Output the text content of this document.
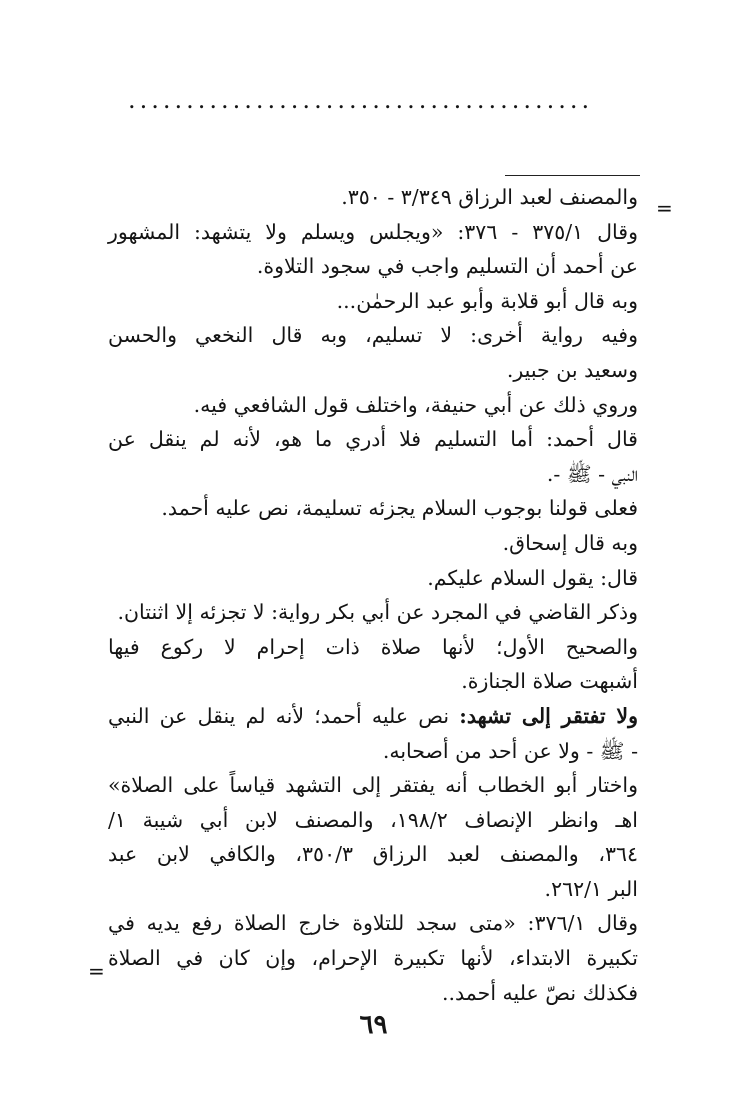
........................................
=
والمصنف لعبد الرزاق ٣/٣٤٩ - ٣٥٠.
وقال ٣٧٥/١ - ٣٧٦: «ويجلس ويسلم ولا يتشهد: المشهور
عن أحمد أن التسليم واجب في سجود التلاوة.
وبه قال أبو قلابة وأبو عبد الرحمٰن...
وفيه رواية أخرى: لا تسليم، وبه قال النخعي والحسن
وسعيد بن جبير.
وروي ذلك عن أبي حنيفة، واختلف قول الشافعي فيه.
قال أحمد: أما التسليم فلا أدري ما هو، لأنه لم ينقل عن
النبي - ﷺ -.
فعلى قولنا بوجوب السلام يجزئه تسليمة، نص عليه أحمد.
وبه قال إسحاق.
قال: يقول السلام عليكم.
وذكر القاضي في المجرد عن أبي بكر رواية: لا تجزئه إلا اثنتان.
والصحيح الأول؛ لأنها صلاة ذات إحرام لا ركوع فيها
أشبهت صلاة الجنازة.
ولا تفتقر إلى تشهد: نص عليه أحمد؛ لأنه لم ينقل عن النبي
- ﷺ - ولا عن أحد من أصحابه.
واختار أبو الخطاب أنه يفتقر إلى التشهد قياساً على الصلاة»
اهـ وانظر الإنصاف ١٩٨/٢، والمصنف لابن أبي شيبة ١/
٣٦٤، والمصنف لعبد الرزاق ٣٥٠/٣، والكافي لابن عبد
البر ٢٦٢/١.
وقال ٣٧٦/١: «متى سجد للتلاوة خارج الصلاة رفع يديه في
تكبيرة الابتداء، لأنها تكبيرة الإحرام، وإن كان في الصلاة
فكذلك نصّ عليه أحمد..
=
٦٩
